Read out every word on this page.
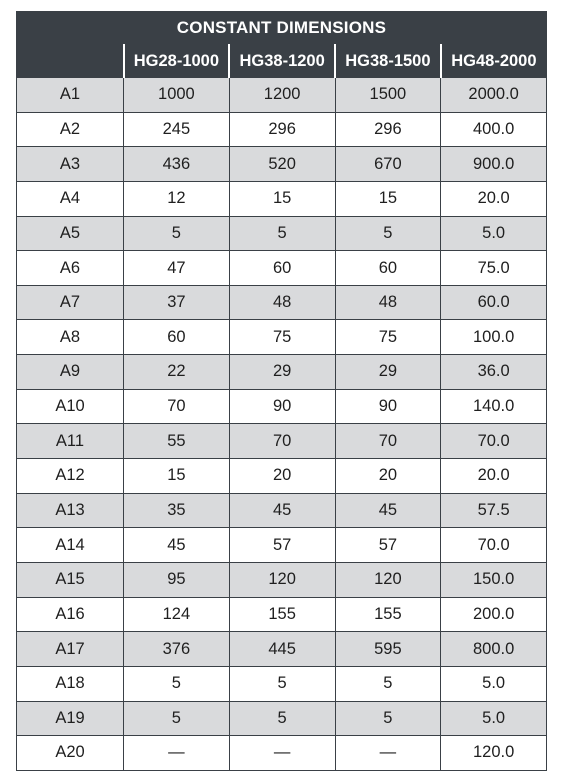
CONSTANT DIMENSIONS				
	HG28-1000	HG38-1200	HG38-1500	HG48-2000
A1	1000	1200	1500	2000.0
A2	245	296	296	400.0
A3	436	520	670	900.0
A4	12	15	15	20.0
A5	5	5	5	5.0
A6	47	60	60	75.0
A7	37	48	48	60.0
A8	60	75	75	100.0
A9	22	29	29	36.0
A10	70	90	90	140.0
A11	55	70	70	70.0
A12	15	20	20	20.0
A13	35	45	45	57.5
A14	45	57	57	70.0
A15	95	120	120	150.0
A16	124	155	155	200.0
A17	376	445	595	800.0
A18	5	5	5	5.0
A19	5	5	5	5.0
A20	—	—	—	120.0
